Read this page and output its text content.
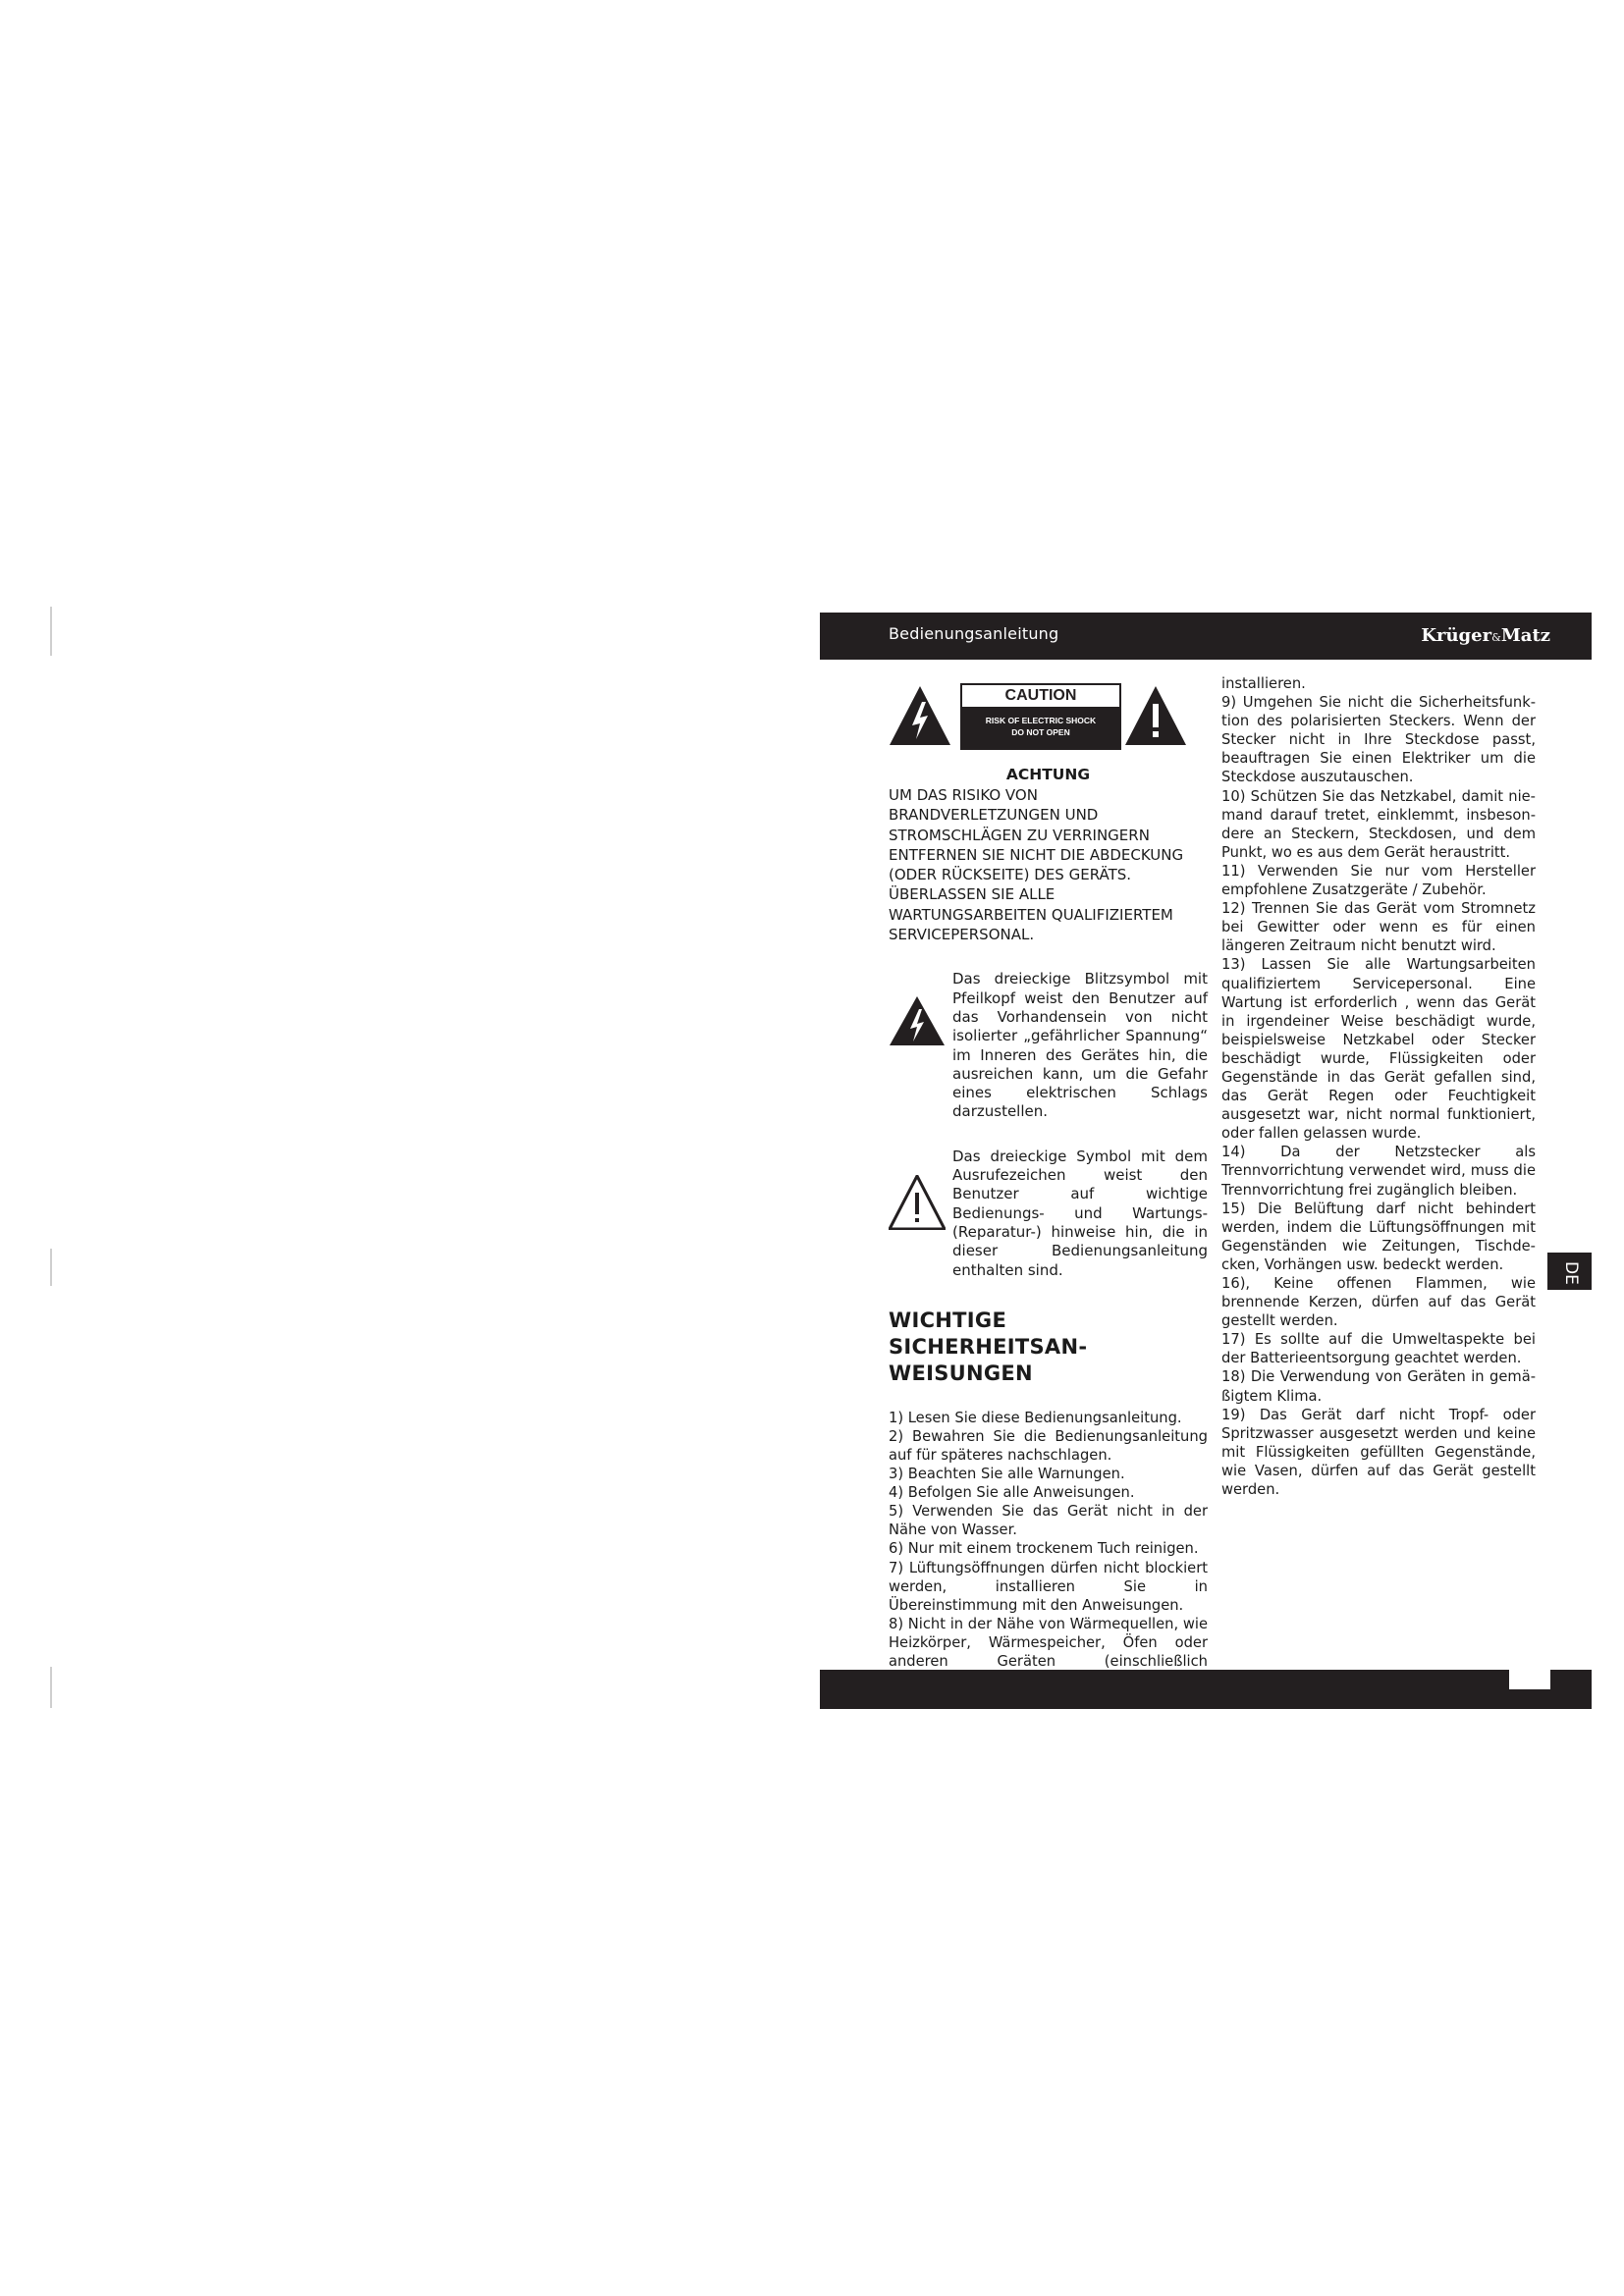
Bedienungsanleitung	Krüger&Matz
DE
CAUTION
RISK OF ELECTRIC SHOCK
DO NOT OPEN
ACHTUNG
UM DAS RISIKO VON BRANDVERLETZUNGEN UND STROMSCHLÄGEN ZU VERRINGERN ENTFERNEN SIE NICHT DIE ABDECKUNG (ODER RÜCKSEITE) DES GERÄTS. ÜBERLASSEN SIE ALLE WARTUNGSARBEITEN QUALIFIZIERTEM SERVICEPERSONAL.
Das dreieckige Blitzsymbol mit Pfeilkopf weist den Benutzer auf das Vorhandensein von nicht isolierter „gefährlicher Spannung“ im Inneren des Gerätes hin, die ausreichen kann, um die Gefahr eines elektrischen Schlags darzustellen.
Das dreieckige Symbol mit dem Ausrufezeichen weist den Benutzer auf wichtige Bedienungs- und Wartungs- (Reparatur-) hinweise hin, die in dieser Bedienungsanleitung enthalten sind.
WICHTIGE SICHERHEITSAN-
WEISUNGEN
1) Lesen Sie diese Bedienungsanleitung.
2) Bewahren Sie die Bedienungsanleitung auf für späteres nachschlagen.
3) Beachten Sie alle Warnungen.
4) Befolgen Sie alle Anweisungen.
5) Verwenden Sie das Gerät nicht in der Nähe von Wasser.
6) Nur mit einem trockenem Tuch reinigen.
7) Lüftungsöffnungen dürfen nicht blockiert werden, installieren Sie in Übereinstimmung mit den Anweisungen.
8) Nicht in der Nähe von Wärmequellen, wie Heizkörper, Wärmespeicher, Öfen oder anderen Geräten (einschließlich
installieren.
9) Umgehen Sie nicht die Sicherheitsfunk-tion des polarisierten Steckers. Wenn der Stecker nicht in Ihre Steckdose passt, beauftragen Sie einen Elektriker um die Steckdose auszutauschen.
10) Schützen Sie das Netzkabel, damit nie-mand darauf tretet, einklemmt, insbeson-dere an Steckern, Steckdosen, und dem Punkt, wo es aus dem Gerät heraustritt.
11) Verwenden Sie nur vom Hersteller empfohlene Zusatzgeräte / Zubehör.
12) Trennen Sie das Gerät vom Stromnetz bei Gewitter oder wenn es für einen längeren Zeitraum nicht benutzt wird.
13) Lassen Sie alle Wartungsarbeiten qualifiziertem Servicepersonal. Eine Wartung ist erforderlich , wenn das Gerät in irgendeiner Weise beschädigt wurde, beispielsweise Netzkabel oder Stecker beschädigt wurde, Flüssigkeiten oder Gegenstände in das Gerät gefallen sind, das Gerät Regen oder Feuchtigkeit ausgesetzt war, nicht normal funktioniert, oder fallen gelassen wurde.
14) Da der Netzstecker als Trennvorrichtung verwendet wird, muss die Trennvorrichtung frei zugänglich bleiben.
15) Die Belüftung darf nicht behindert werden, indem die Lüftungsöffnungen mit Gegenständen wie Zeitungen, Tischde-cken, Vorhängen usw. bedeckt werden.
16), Keine offenen Flammen, wie brennende Kerzen, dürfen auf das Gerät gestellt werden.
17) Es sollte auf die Umweltaspekte bei der Batterieentsorgung geachtet werden.
18) Die Verwendung von Geräten in gemä-ßigtem Klima.
19) Das Gerät darf nicht Tropf- oder Spritzwasser ausgesetzt werden und keine mit Flüssigkeiten gefüllten Gegenstände, wie Vasen, dürfen auf das Gerät gestellt werden.
